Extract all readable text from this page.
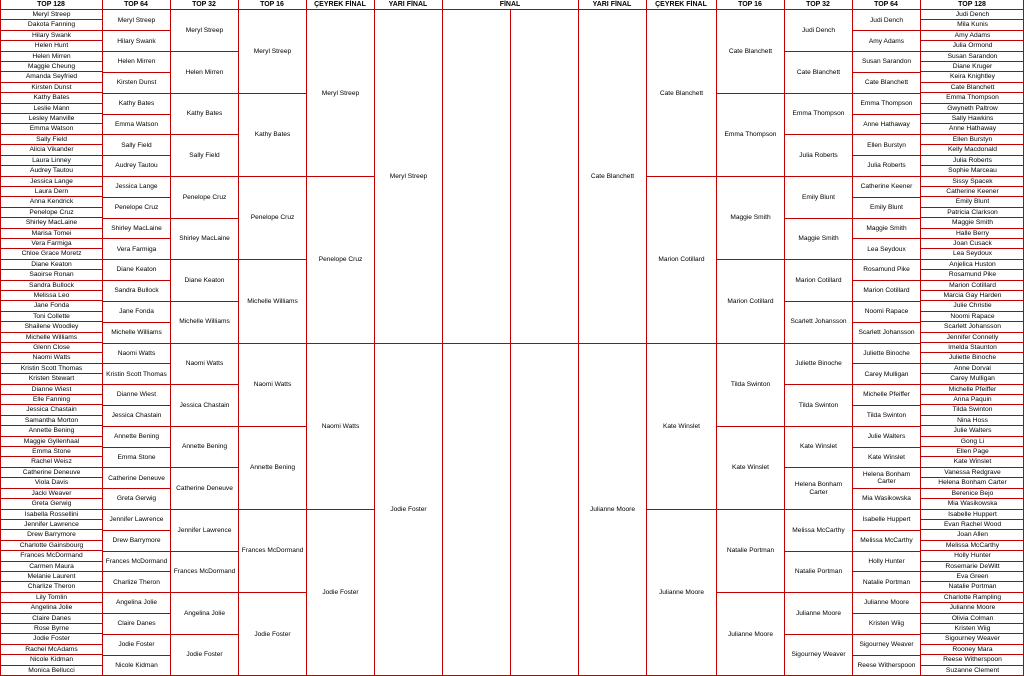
TOP 128
Meryl Streep
Dakota Fanning
Hilary Swank
Helen Hunt
Helen Mirren
Maggie Cheung
Amanda Seyfried
Kirsten Dunst
Kathy Bates
Leslie Mann
Lesley Manville
Emma Watson
Sally Field
Alicia Vikander
Laura Linney
Audrey Tautou
Jessica Lange
Laura Dern
Anna Kendrick
Penelope Cruz
Shirley MacLaine
Marisa Tomei
Vera Farmiga
Chloe Grace Moretz
Diane Keaton
Saoirse Ronan
Sandra Bullock
Melissa Leo
Jane Fonda
Toni Collette
Shailene Woodley
Michelle Williams
Glenn Close
Naomi Watts
Kristin Scott Thomas
Kristen Stewart
Dianne Wiest
Elle Fanning
Jessica Chastain
Samantha Morton
Annette Bening
Maggie Gyllenhaal
Emma Stone
Rachel Weisz
Catherine Deneuve
Viola Davis
Jacki Weaver
Greta Gerwig
Isabella Rossellini
Jennifer Lawrence
Drew Barrymore
Charlotte Gainsbourg
Frances McDormand
Carmen Maura
Melanie Laurent
Charlize Theron
Lily Tomlin
Angelina Jolie
Claire Danes
Rose Byrne
Jodie Foster
Rachel McAdams
Nicole Kidman
Monica Bellucci
TOP 64
Meryl Streep
Hilary Swank
Helen Mirren
Kirsten Dunst
Kathy Bates
Emma Watson
Sally Field
Audrey Tautou
Jessica Lange
Penelope Cruz
Shirley MacLaine
Vera Farmiga
Diane Keaton
Sandra Bullock
Jane Fonda
Michelle Williams
Naomi Watts
Kristin Scott Thomas
Dianne Wiest
Jessica Chastain
Annette Bening
Emma Stone
Catherine Deneuve
Greta Gerwig
Jennifer Lawrence
Drew Barrymore
Frances McDormand
Charlize Theron
Angelina Jolie
Claire Danes
Jodie Foster
Nicole Kidman
TOP 32
Meryl Streep
Helen Mirren
Kathy Bates
Sally Field
Penelope Cruz
Shirley MacLaine
Diane Keaton
Michelle Williams
Naomi Watts
Jessica Chastain
Annette Bening
Catherine Deneuve
Jennifer Lawrence
Frances McDormand
Angelina Jolie
Jodie Foster
TOP 16
Meryl Streep
Kathy Bates
Penelope Cruz
Michelle Williams
Naomi Watts
Annette Bening
Frances McDormand
Jodie Foster
ÇEYREK FİNAL
Meryl Streep
Penelope Cruz
Naomi Watts
Jodie Foster
YARI FİNAL
Meryl Streep
Jodie Foster
FİNAL	YARI FİNAL
Cate Blanchett
Julianne Moore
ÇEYREK FİNAL
Cate Blanchett
Marion Cotillard
Kate Winslet
Julianne Moore
TOP 16
Cate Blanchett
Emma Thompson
Maggie Smith
Marion Cotillard
Tilda Swinton
Kate Winslet
Natalie Portman
Julianne Moore
TOP 32
Judi Dench
Cate Blanchett
Emma Thompson
Julia Roberts
Emily Blunt
Maggie Smith
Marion Cotillard
Scarlett Johansson
Juliette Binoche
Tilda Swinton
Kate Winslet
Helena Bonham Carter
Melissa McCarthy
Natalie Portman
Julianne Moore
Sigourney Weaver
TOP 64
Judi Dench
Amy Adams
Susan Sarandon
Cate Blanchett
Emma Thompson
Anne Hathaway
Ellen Burstyn
Julia Roberts
Catherine Keener
Emily Blunt
Maggie Smith
Lea Seydoux
Rosamund Pike
Marion Cotillard
Noomi Rapace
Scarlett Johansson
Juliette Binoche
Carey Mulligan
Michelle Pfeiffer
Tilda Swinton
Julie Walters
Kate Winslet
Helena Bonham Carter
Mia Wasikowska
Isabelle Huppert
Melissa McCarthy
Holly Hunter
Natalie Portman
Julianne Moore
Kristen Wiig
Sigourney Weaver
Reese Witherspoon
TOP 128
Judi Dench
Mila Kunis
Amy Adams
Julia Ormond
Susan Sarandon
Diane Kruger
Keira Knightley
Cate Blanchett
Emma Thompson
Gwyneth Paltrow
Sally Hawkins
Anne Hathaway
Ellen Burstyn
Kelly Macdonald
Julia Roberts
Sophie Marceau
Sissy Spacek
Catherine Keener
Emily Blunt
Patricia Clarkson
Maggie Smith
Halle Berry
Joan Cusack
Lea Seydoux
Anjelica Huston
Rosamund Pike
Marion Cotillard
Marcia Gay Harden
Julie Christie
Noomi Rapace
Scarlett Johansson
Jennifer Connelly
Imelda Staunton
Juliette Binoche
Anne Dorval
Carey Mulligan
Michelle Pfeiffer
Anna Paquin
Tilda Swinton
Nina Hoss
Julie Walters
Gong Li
Ellen Page
Kate Winslet
Vanessa Redgrave
Helena Bonham Carter
Berenice Bejo
Mia Wasikowska
Isabelle Huppert
Evan Rachel Wood
Joan Allen
Melissa McCarthy
Holly Hunter
Rosemarie DeWitt
Eva Green
Natalie Portman
Charlotte Rampling
Julianne Moore
Olivia Colman
Kristen Wiig
Sigourney Weaver
Rooney Mara
Reese Witherspoon
Suzanne Clement
